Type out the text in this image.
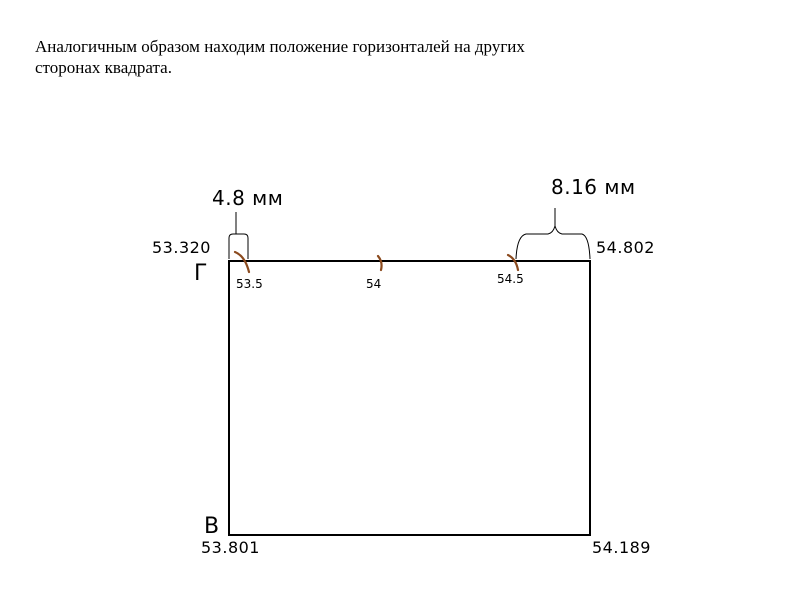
Аналогичным образом находим положение горизонталей на других
сторонах квадрата.
4.8 мм	8.16 мм
53.320	54.802
53.801	54.189
Г
В
53.5	54	54.5
